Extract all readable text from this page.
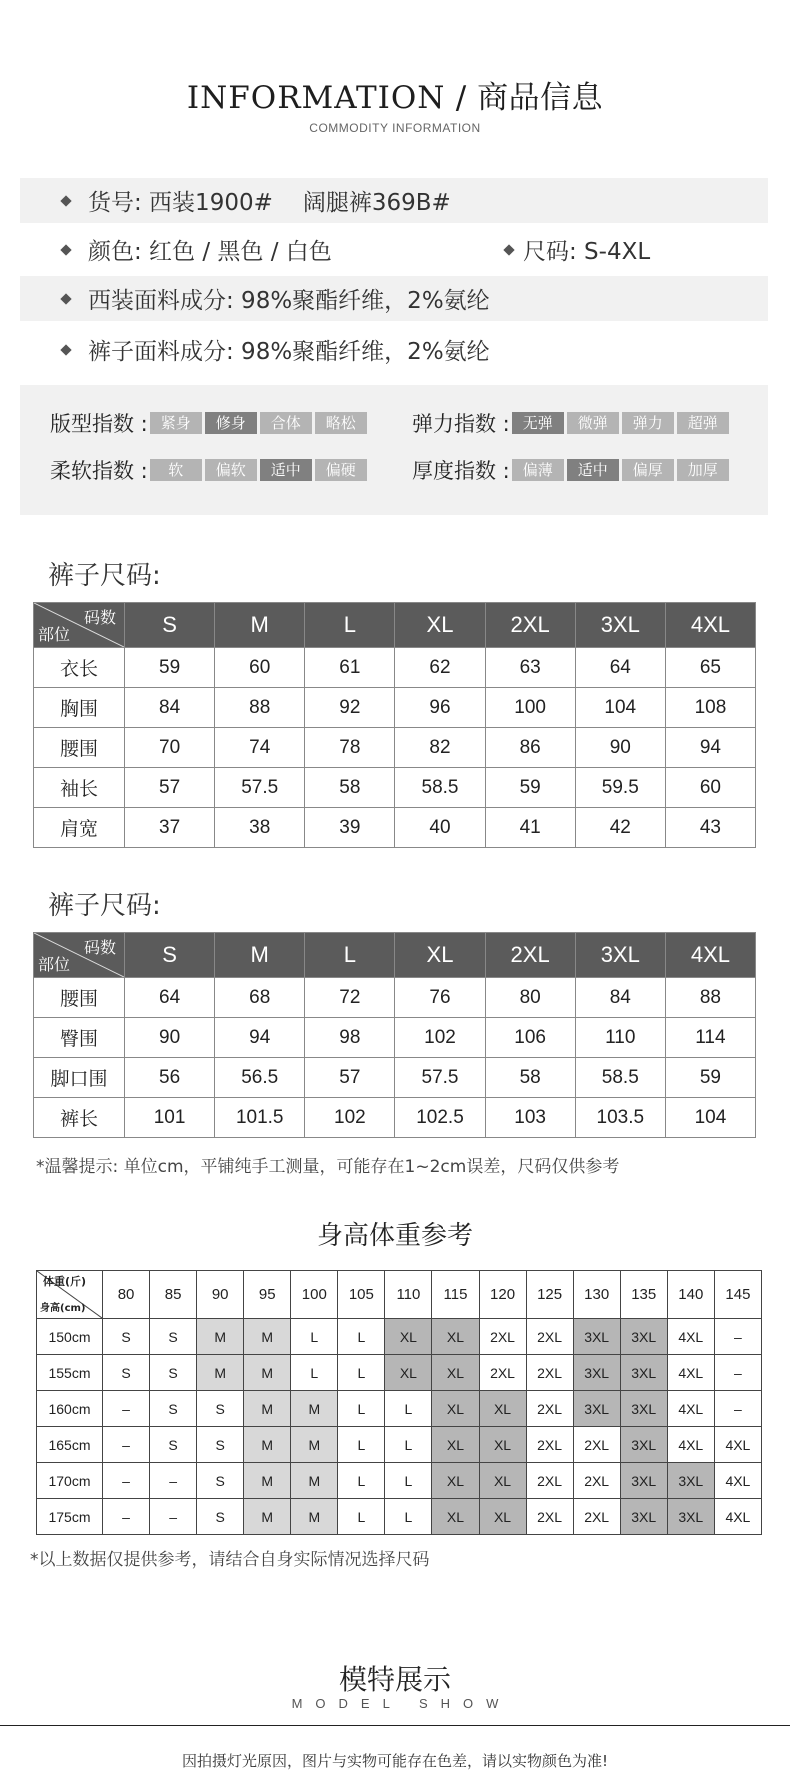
INFORMATION / 商品信息
COMMODITY INFORMATION
货号: 西装1900# 阔腿裤369B#
颜色: 红色 / 黑色 / 白色	尺码: S-4XL
西装面料成分: 98%聚酯纤维，2%氨纶
裤子面料成分: 98%聚酯纤维，2%氨纶
版型指数 : 紧身	修身	合体	略松	弹力指数 : 无弹	微弹	弹力	超弹
柔软指数 :	软	偏软	适中	偏硬	厚度指数 : 偏薄	适中	偏厚	加厚
裤子尺码:
码数
部位	S	M	L	XL	2XL	3XL	4XL
衣长	59	60	61	62	63	64	65
胸围	84	88	92	96	100	104	108
腰围	70	74	78	82	86	90	94
袖长	57	57.5	58	58.5	59	59.5	60
肩宽	37	38	39	40	41	42	43
裤子尺码:
码数
部位	S	M	L	XL	2XL	3XL	4XL
腰围	64	68	72	76	80	84	88
臀围	90	94	98	102	106	110	114
脚口围	56	56.5	57	57.5	58	58.5	59
裤长	101	101.5	102	102.5	103	103.5	104
*温馨提示: 单位cm，平铺纯手工测量，可能存在1~2cm误差，尺码仅供参考
身高体重参考
体重(斤)
身高(cm)	80	85	90	95	100	105	110	115	120	125	130	135	140	145
150cm	S	S	M	M	L	L	XL	XL	2XL	2XL	3XL	3XL	4XL	–
155cm	S	S	M	M	L	L	XL	XL	2XL	2XL	3XL	3XL	4XL	–
160cm	–	S	S	M	M	L	L	XL	XL	2XL	3XL	3XL	4XL	–
165cm	–	S	S	M	M	L	L	XL	XL	2XL	2XL	3XL	4XL	4XL
170cm	–	–	S	M	M	L	L	XL	XL	2XL	2XL	3XL	3XL	4XL
175cm	–	–	S	M	M	L	L	XL	XL	2XL	2XL	3XL	3XL	4XL
*以上数据仅提供参考，请结合自身实际情况选择尺码
模特展示
MODEL SHOW
因拍摄灯光原因，图片与实物可能存在色差，请以实物颜色为准!
